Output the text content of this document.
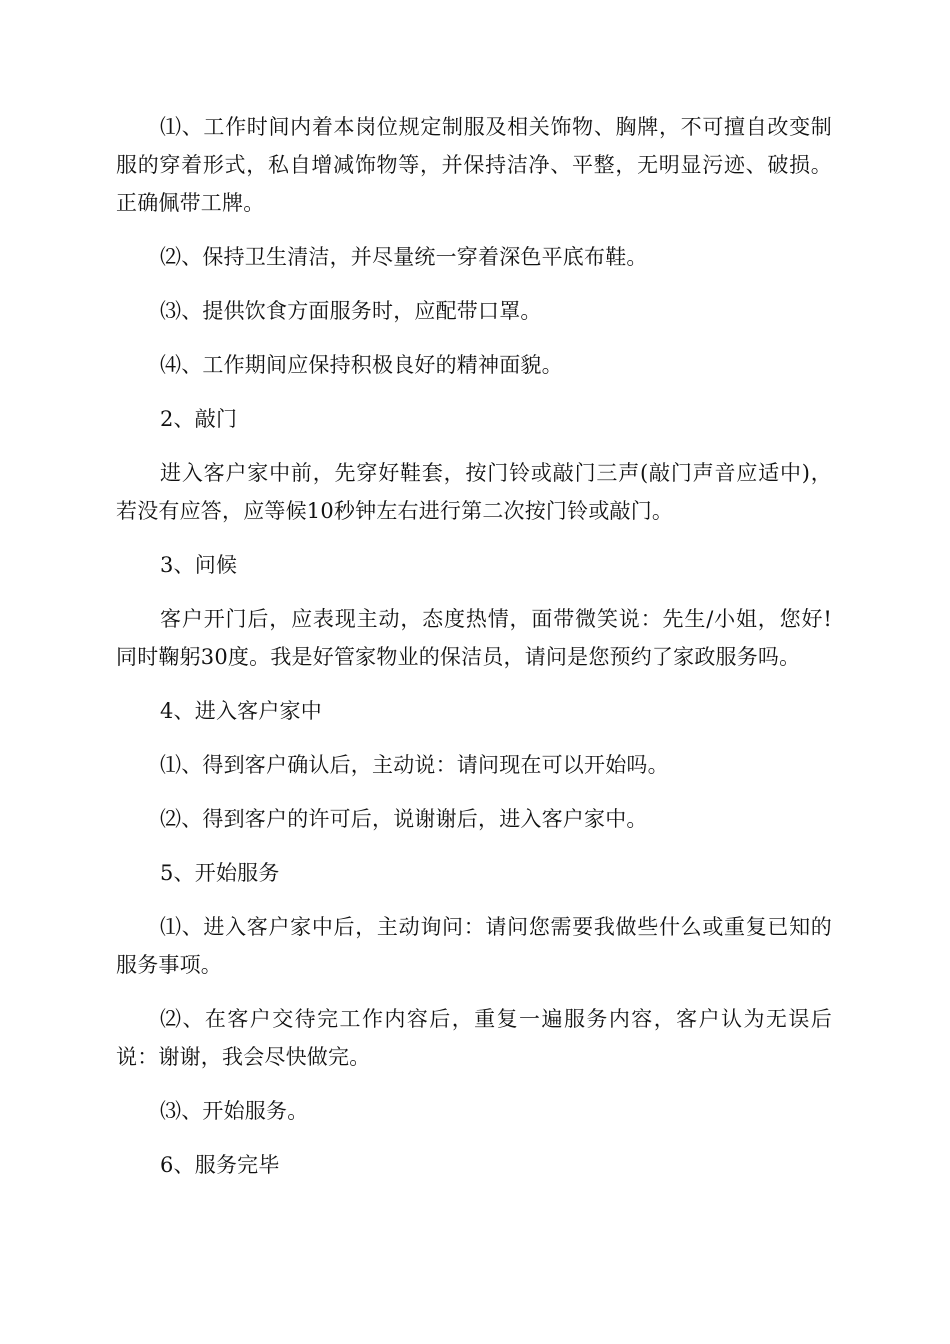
⑴、工作时间内着本岗位规定制服及相关饰物、胸牌，不可擅自改变制服的穿着形式，私自增减饰物等，并保持洁净、平整，无明显污迹、破损。正确佩带工牌。

⑵、保持卫生清洁，并尽量统一穿着深色平底布鞋。

⑶、提供饮食方面服务时，应配带口罩。

⑷、工作期间应保持积极良好的精神面貌。

2、敲门

进入客户家中前，先穿好鞋套，按门铃或敲门三声(敲门声音应适中)，若没有应答，应等候10秒钟左右进行第二次按门铃或敲门。

3、问候

客户开门后，应表现主动，态度热情，面带微笑说：先生/小姐，您好!同时鞠躬30度。我是好管家物业的保洁员，请问是您预约了家政服务吗。

4、进入客户家中

⑴、得到客户确认后，主动说：请问现在可以开始吗。

⑵、得到客户的许可后，说谢谢后，进入客户家中。

5、开始服务

⑴、进入客户家中后，主动询问：请问您需要我做些什么或重复已知的服务事项。

⑵、在客户交待完工作内容后，重复一遍服务内容，客户认为无误后说：谢谢，我会尽快做完。

⑶、开始服务。

6、服务完毕
